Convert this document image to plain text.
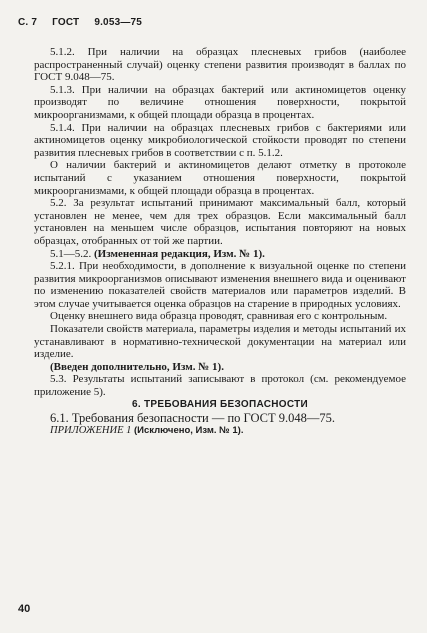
С. 7 ГОСТ 9.053—75

5.1.2. При наличии на образцах плесневых грибов (наиболее распространенный случай) оценку степени развития производят в баллах по ГОСТ 9.048—75.

5.1.3. При наличии на образцах бактерий или актиномицетов оценку производят по величине отношения поверхности, покрытой микроорганизмами, к общей площади образца в процентах.

5.1.4. При наличии на образцах плесневых грибов с бактериями или актиномицетов оценку микробиологической стойкости проводят по степени развития плесневых грибов в соответствии с п. 5.1.2.

О наличии бактерий и актиномицетов делают отметку в протоколе испытаний с указанием отношения поверхности, покрытой микроорганизмами, к общей площади образца в процентах.

5.2. За результат испытаний принимают максимальный балл, который установлен не менее, чем для трех образцов. Если максимальный балл установлен на меньшем числе образцов, испытания повторяют на новых образцах, отобранных от той же партии.

5.1—5.2. (Измененная редакция, Изм. № 1).

5.2.1. При необходимости, в дополнение к визуальной оценке по степени развития микроорганизмов описывают изменения внешнего вида и оценивают по изменению показателей свойств материалов или параметров изделий. В этом случае учитывается оценка образцов на старение в природных условиях.

Оценку внешнего вида образца проводят, сравнивая его с контрольным.

Показатели свойств материала, параметры изделия и методы испытаний их устанавливают в нормативно-технической документации на материал или изделие.

(Введен дополнительно, Изм. № 1).

5.3. Результаты испытаний записывают в протокол (см. рекомендуемое приложение 5).

6. ТРЕБОВАНИЯ БЕЗОПАСНОСТИ

6.1. Требования безопасности — по ГОСТ 9.048—75.

ПРИЛОЖЕНИЕ 1 (Исключено, Изм. № 1).

40
